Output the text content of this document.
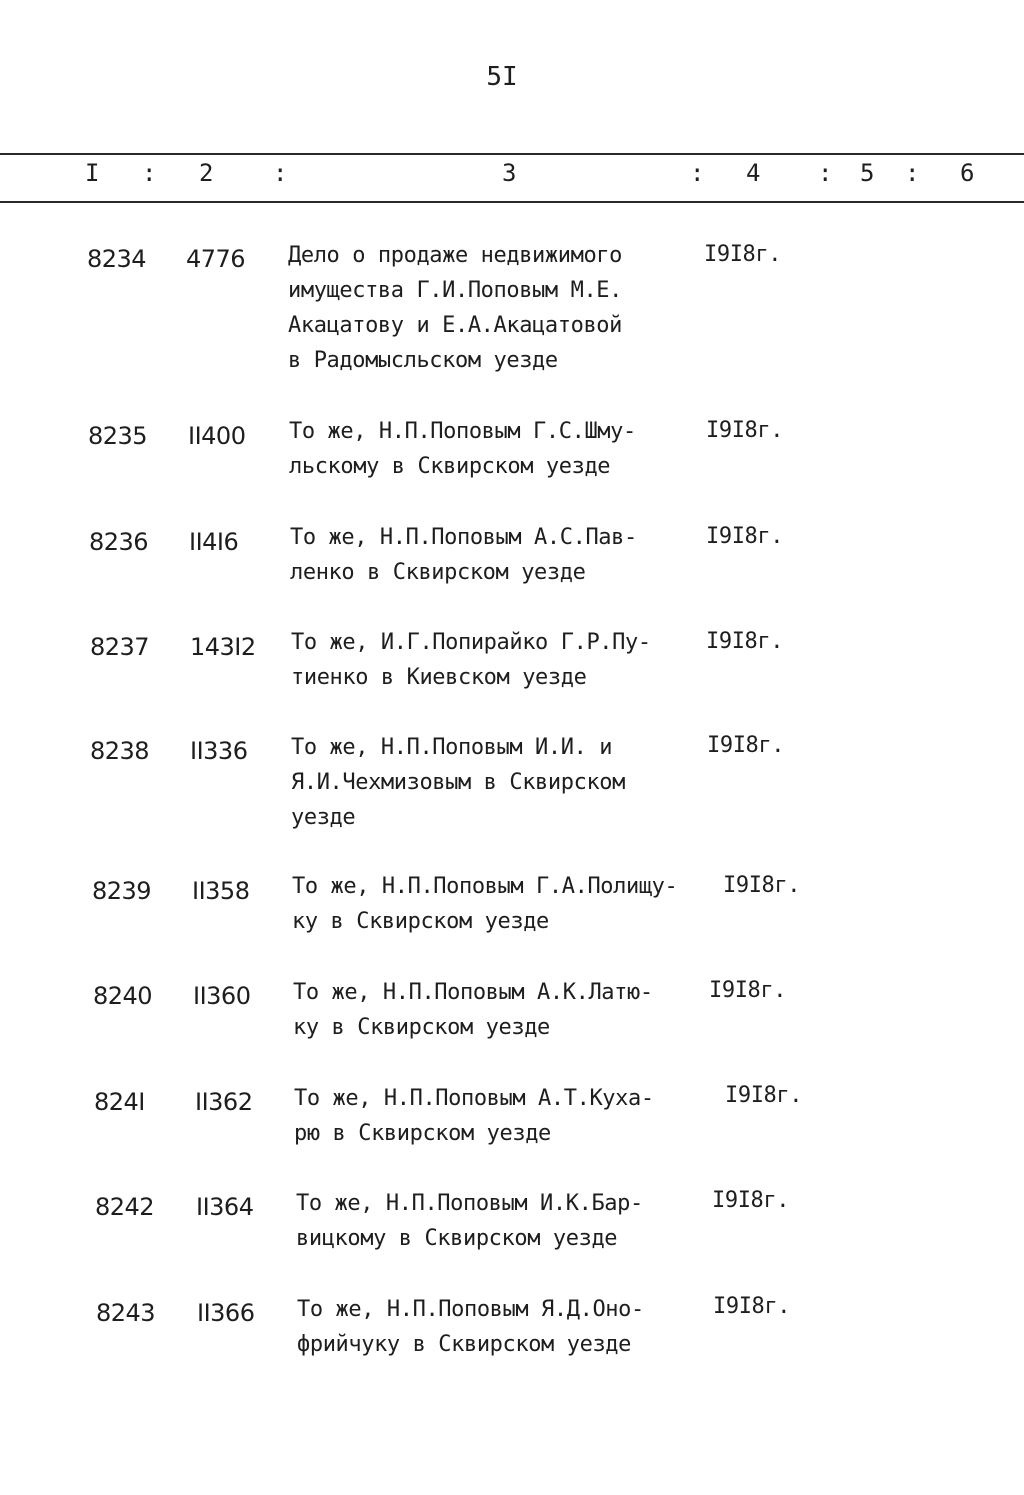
5I
I : 2 :	3	: 4 : 5 : 6
8234 4776 Дело о продаже недвижимого
имущества Г.И.Поповым М.Е.
Акацатову и Е.А.Акацатовой
в Радомысльском уезде
I9I8г.
8235 II400 То же, Н.П.Поповым Г.С.Шму-
льскому в Сквирском уезде
I9I8г.
8236 II4I6 То же, Н.П.Поповым А.С.Пав-
ленко в Сквирском уезде
I9I8г.
8237 143I2 То же, И.Г.Попирайко Г.Р.Пу-
тиенко в Киевском уезде
I9I8г.
8238 II336 То же, Н.П.Поповым И.И. и
Я.И.Чехмизовым в Сквирском
уезде
I9I8г.
8239 II358 То же, Н.П.Поповым Г.А.Полищу-
ку в Сквирском уезде
I9I8г.
8240 II360 То же, Н.П.Поповым А.К.Латю-
ку в Сквирском уезде
I9I8г.
824I II362 То же, Н.П.Поповым А.Т.Куха-
рю в Сквирском уезде
I9I8г.
8242 II364 То же, Н.П.Поповым И.К.Бар-
вицкому в Сквирском уезде
I9I8г.
8243 II366 То же, Н.П.Поповым Я.Д.Оно-
фрийчуку в Сквирском уезде
I9I8г.
